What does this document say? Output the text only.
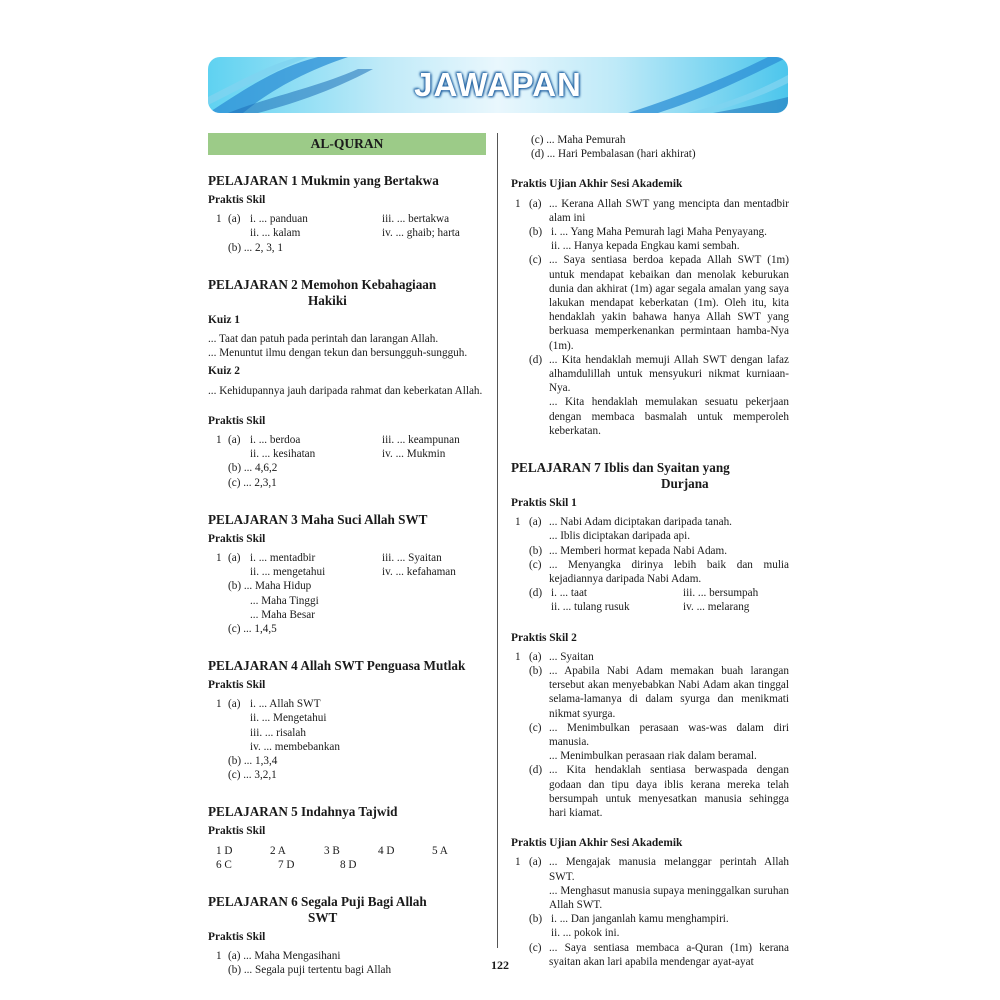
JAWAPAN
AL-QURAN
PELAJARAN 1 Mukmin yang Bertakwa
Praktis Skil
1 (a) i. ... panduan	iii. ... bertakwa
ii. ... kalam	iv. ... ghaib; harta
(b) ... 2, 3, 1
PELAJARAN 2 Memohon Kebahagiaan
Hakiki
Kuiz 1
... Taat dan patuh pada perintah dan larangan Allah.
... Menuntut ilmu dengan tekun dan bersungguh-sungguh.
Kuiz 2
... Kehidupannya jauh daripada rahmat dan keberkatan Allah.
Praktis Skil
1 (a) i. ... berdoa	iii. ... keampunan
ii. ... kesihatan	iv. ... Mukmin
(b) ... 4,6,2
(c) ... 2,3,1
PELAJARAN 3 Maha Suci Allah SWT
Praktis Skil
1 (a) i. ... mentadbir	iii. ... Syaitan
ii. ... mengetahui	iv. ... kefahaman
(b) ... Maha Hidup
... Maha Tinggi
... Maha Besar
(c) ... 1,4,5
PELAJARAN 4 Allah SWT Penguasa Mutlak
Praktis Skil
1 (a) i. ... Allah SWT
ii. ... Mengetahui
iii. ... risalah
iv. ... membebankan
(b) ... 1,3,4
(c) ... 3,2,1
PELAJARAN 5 Indahnya Tajwid
Praktis Skil
1 D	2 A	3 B	4 D	5 A
6 C	7 D	8 D
PELAJARAN 6 Segala Puji Bagi Allah
SWT
Praktis Skil
1 (a) ... Maha Mengasihani
(b) ... Segala puji tertentu bagi Allah
(c) ... Maha Pemurah
(d) ... Hari Pembalasan (hari akhirat)
Praktis Ujian Akhir Sesi Akademik
1 (a) ... Kerana Allah SWT yang mencipta dan mentadbir alam ini
(b) i. ... Yang Maha Pemurah lagi Maha Penyayang.
ii. ... Hanya kepada Engkau kami sembah.
(c) ... Saya sentiasa berdoa kepada Allah SWT (1m) untuk mendapat kebaikan dan menolak keburukan dunia dan akhirat (1m) agar segala amalan yang saya lakukan mendapat keberkatan (1m). Oleh itu, kita hendaklah yakin bahawa hanya Allah SWT yang berkuasa memperkenankan permintaan hamba-Nya (1m).
(d) ... Kita hendaklah memuji Allah SWT dengan lafaz alhamdulillah untuk mensyukuri nikmat kurniaan-Nya.
... Kita hendaklah memulakan sesuatu pekerjaan dengan membaca basmalah untuk memperoleh keberkatan.
PELAJARAN 7 Iblis dan Syaitan yang
Durjana
Praktis Skil 1
1 (a) ... Nabi Adam diciptakan daripada tanah.
... Iblis diciptakan daripada api.
(b) ... Memberi hormat kepada Nabi Adam.
(c) ... Menyangka dirinya lebih baik dan mulia kejadiannya daripada Nabi Adam.
(d) i. ... taat	iii. ... bersumpah
ii. ... tulang rusuk	iv. ... melarang
Praktis Skil 2
1 (a) ... Syaitan
(b) ... Apabila Nabi Adam memakan buah larangan tersebut akan menyebabkan Nabi Adam akan tinggal selama-lamanya di dalam syurga dan menikmati nikmat syurga.
(c) ... Menimbulkan perasaan was-was dalam diri manusia.
... Menimbulkan perasaan riak dalam beramal.
(d) ... Kita hendaklah sentiasa berwaspada dengan godaan dan tipu daya iblis kerana mereka telah bersumpah untuk menyesatkan manusia sehingga hari kiamat.
Praktis Ujian Akhir Sesi Akademik
1 (a) ... Mengajak manusia melanggar perintah Allah SWT.
... Menghasut manusia supaya meninggalkan suruhan Allah SWT.
(b) i. ... Dan janganlah kamu menghampiri.
ii. ... pokok ini.
(c) ... Saya sentiasa membaca a-Quran (1m) kerana syaitan akan lari apabila mendengar ayat-ayat
122
